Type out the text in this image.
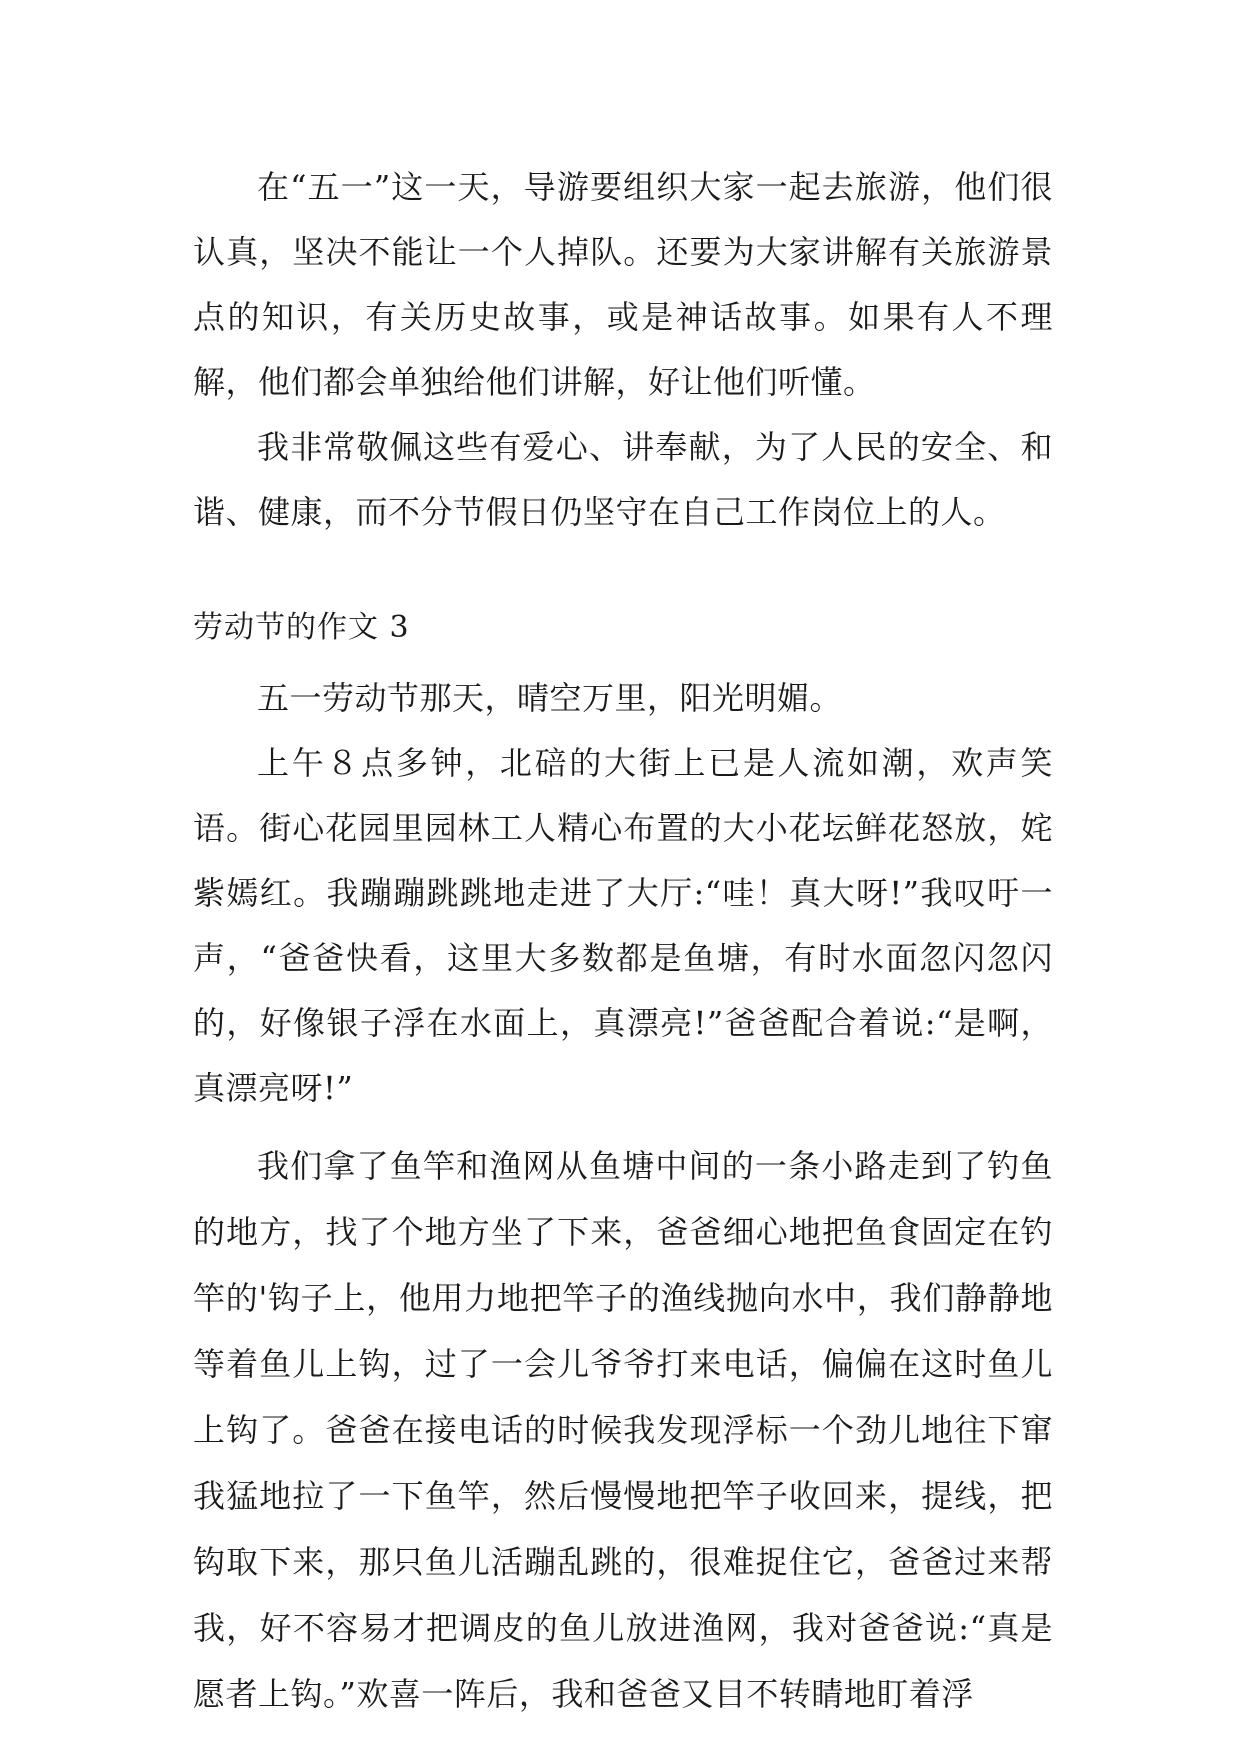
在“五一”这一天，导游要组织大家一起去旅游，他们很认真，坚决不能让一个人掉队。还要为大家讲解有关旅游景点的知识，有关历史故事，或是神话故事。如果有人不理解，他们都会单独给他们讲解，好让他们听懂。

我非常敬佩这些有爱心、讲奉献，为了人民的安全、和谐、健康，而不分节假日仍坚守在自己工作岗位上的人。

劳动节的作文 3

五一劳动节那天，晴空万里，阳光明媚。

上午８点多钟，北碚的大街上已是人流如潮，欢声笑语。街心花园里园林工人精心布置的大小花坛鲜花怒放，姹紫嫣红。我蹦蹦跳跳地走进了大厅:“哇！真大呀!”我叹吁一声，“爸爸快看，这里大多数都是鱼塘，有时水面忽闪忽闪的，好像银子浮在水面上，真漂亮!”爸爸配合着说:“是啊，真漂亮呀!”

我们拿了鱼竿和渔网从鱼塘中间的一条小路走到了钓鱼的地方，找了个地方坐了下来，爸爸细心地把鱼食固定在钓竿的'钩子上，他用力地把竿子的渔线抛向水中，我们静静地等着鱼儿上钩，过了一会儿爷爷打来电话，偏偏在这时鱼儿上钩了。爸爸在接电话的时候我发现浮标一个劲儿地往下窜我猛地拉了一下鱼竿，然后慢慢地把竿子收回来，提线，把钩取下来，那只鱼儿活蹦乱跳的，很难捉住它，爸爸过来帮我，好不容易才把调皮的鱼儿放进渔网，我对爸爸说:“真是愿者上钩。”欢喜一阵后，我和爸爸又目不转睛地盯着浮
